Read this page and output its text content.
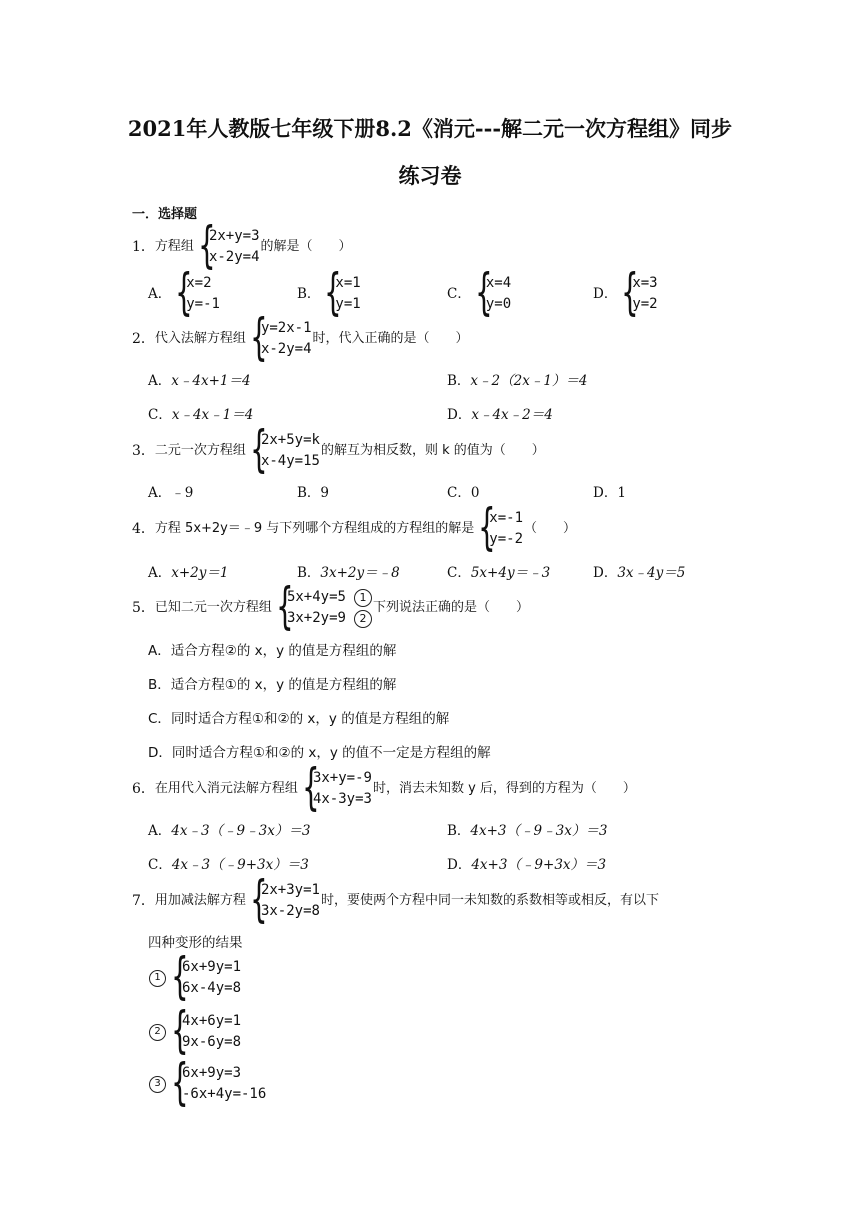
2021年人教版七年级下册8.2《消元---解二元一次方程组》同步
练习卷
一．选择题
1． 方程组 {
2x+y=3
x-2y=4
的解是（　　）
A． {
x=2
y=-1
B． {
x=1
y=1
C． {
x=4
y=0
D． {
x=3
y=2
2． 代入法解方程组 {
y=2x-1
x-2y=4
时，代入正确的是（　　）
A．x﹣4x+1＝4	B．x﹣2（2x﹣1）＝4
C．x﹣4x﹣1＝4	D．x﹣4x﹣2＝4
3． 二元一次方程组 {
2x+5y=k
x-4y=15
的解互为相反数，则 k 的值为（　　）
A．﹣9	B．9	C．0	D．1
4． 方程 5x+2y＝﹣9 与下列哪个方程组成的方程组的解是 {
x=-1
y=-2
（　　）
A．x+2y＝1	B．3x+2y＝﹣8	C．5x+4y＝﹣3	D．3x﹣4y＝5
5． 已知二元一次方程组 {
5x+4y=5	1
3x+2y=9	2
下列说法正确的是（　　）
A．适合方程②的 x，y 的值是方程组的解
B．适合方程①的 x，y 的值是方程组的解
C．同时适合方程①和②的 x，y 的值是方程组的解
D．同时适合方程①和②的 x，y 的值不一定是方程组的解
6． 在用代入消元法解方程组 {
3x+y=-9
4x-3y=3
时，消去未知数 y 后，得到的方程为（　　）
A．4x﹣3（﹣9﹣3x）＝3	B．4x+3（﹣9﹣3x）＝3
C．4x﹣3（﹣9+3x）＝3	D．4x+3（﹣9+3x）＝3
7． 用加减法解方程 {
2x+3y=1
3x-2y=8
时，要使两个方程中同一未知数的系数相等或相反，有以下
四种变形的结果
1 {
6x+9y=1
6x-4y=8
2 {
4x+6y=1
9x-6y=8
3 {
6x+9y=3
-6x+4y=-16
